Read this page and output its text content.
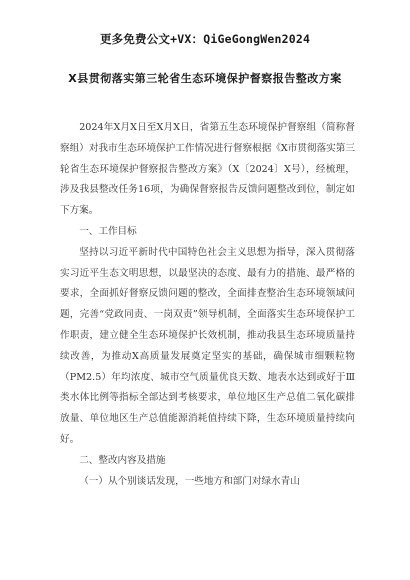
更多免费公文+VX：QiGeGongWen2024
X县贯彻落实第三轮省生态环境保护督察报告整改方案

2024年X月X日至X月X日，省第五生态环境保护督察组（简称督察组）对我市生态环境保护工作情况进行督察根据《X市贯彻落实第三轮省生态环境保护督察报告整改方案》（X〔2024〕X号），经梳理，涉及我县整改任务16项，为确保督察报告反馈问题整改到位，制定如下方案。

一、工作目标

坚持以习近平新时代中国特色社会主义思想为指导，深入贯彻落实习近平生态文明思想，以最坚决的态度、最有力的措施、最严格的要求，全面抓好督察反馈问题的整改，全面排查整治生态环境领域问题，完善“党政同责、一岗双责”领导机制，全面落实生态环境保护工作职责，建立健全生态环境保护长效机制，推动我县生态环境质量持续改善，为推动X高质量发展奠定坚实的基础，确保城市细颗粒物（PM2.5）年均浓度、城市空气质量优良天数、地表水达到或好于Ⅲ类水体比例等指标全部达到考核要求，单位地区生产总值二氧化碳排放量、单位地区生产总值能源消耗值持续下降，生态环境质量持续向好。

二、整改内容及措施

（一）从个别谈话发现，一些地方和部门对绿水青山
